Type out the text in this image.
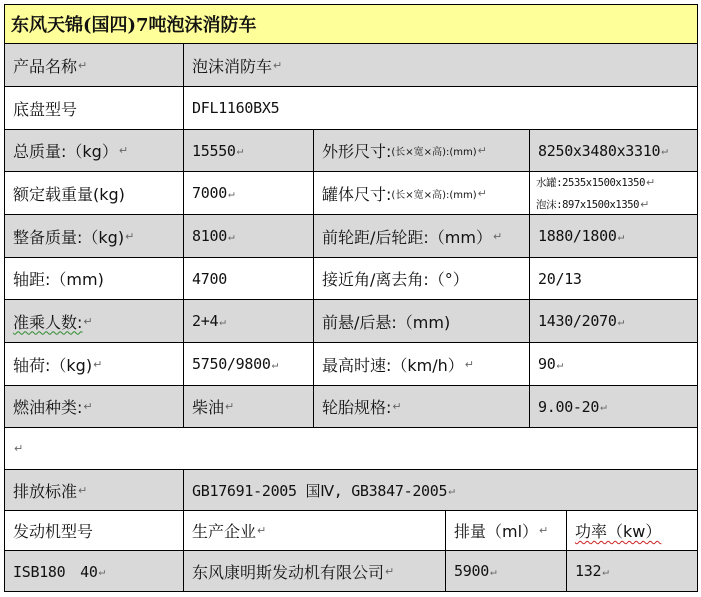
东风天锦(国四)7吨泡沫消防车
产品名称 ↵	泡沫消防车 ↵
底盘型号	DFL1160BX5
总质量:（kg） ↵	15550 ↵	外形尺寸: (长×宽×高):(mm) ↵	8250x3480x3310 ↵
额定载重量(kg)	7000 ↵	罐体尺寸: (长×宽×高):(mm) ↵
水罐:2535x1500x1350↵
泡沫:897x1500x1350↵
整备质量:（kg) ↵	8100 ↵	前轮距/后轮距:（mm） ↵ 1880/1800 ↵
轴距:（mm)	4700	接近角/离去角:（°）	20/13
准乘人数: ↵	2+4 ↵	前悬/后悬:（mm)	1430/2070 ↵
轴荷:（kg) ↵	5750/9800 ↵	最高时速:（km/h） ↵	90 ↵
燃油种类: ↵	柴油 ↵	轮胎规格: ↵	9.00-20 ↵
↵
排放标准 ↵	GB17691-2005 国Ⅳ, GB3847-2005 ↵
发动机型号	生产企业 ↵	排量（ml） ↵ 功率（kw）
ISB180　40 ↵	东风康明斯发动机有限公司 ↵	5900 ↵	132 ↵
